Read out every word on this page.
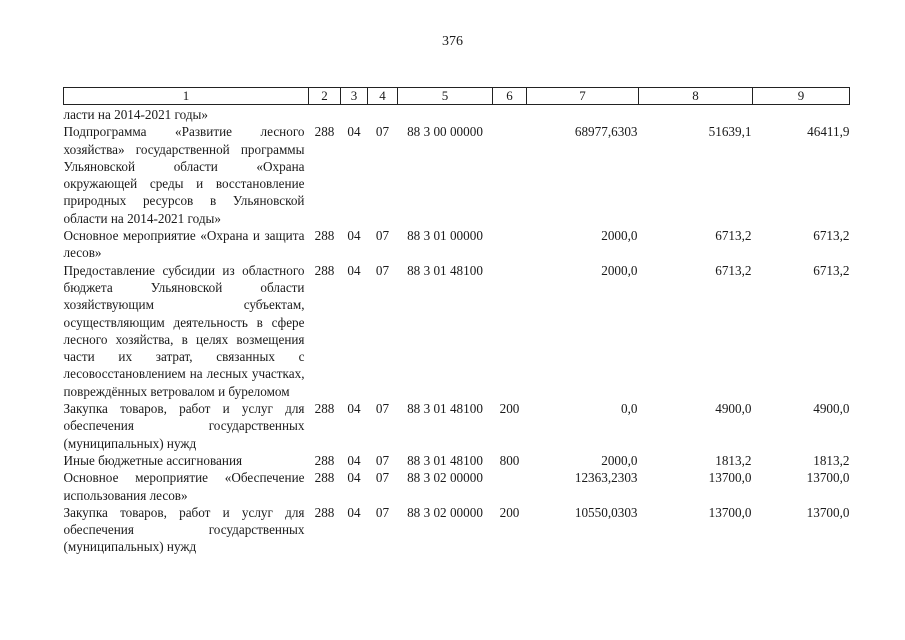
376
1	2	3	4	5	6	7	8	9
ласти на 2014-2021 годы»								
Подпрограмма «Развитие лесного хозяйства» государственной программы Ульяновской области «Охрана окружающей среды и восстановление природных ресурсов в Ульяновской области на 2014-2021 годы»	288	04	07	88 3 00 00000		68977,6303	51639,1	46411,9
Основное мероприятие «Охрана и защита лесов»	288	04	07	88 3 01 00000		2000,0	6713,2	6713,2
Предоставление субсидии из областного бюджета Ульяновской области хозяйствующим субъектам, осуществляющим деятельность в сфере лесного хозяйства, в целях возмещения части их затрат, связанных с лесовосстановлением на лесных участках, повреждённых ветровалом и буреломом	288	04	07	88 3 01 48100		2000,0	6713,2	6713,2
Закупка товаров, работ и услуг для обеспечения государственных (муниципальных) нужд	288	04	07	88 3 01 48100	200	0,0	4900,0	4900,0
Иные бюджетные ассигнования	288	04	07	88 3 01 48100	800	2000,0	1813,2	1813,2
Основное мероприятие «Обеспечение использования лесов»	288	04	07	88 3 02 00000		12363,2303	13700,0	13700,0
Закупка товаров, работ и услуг для обеспечения государственных (муниципальных) нужд	288	04	07	88 3 02 00000	200	10550,0303	13700,0	13700,0
